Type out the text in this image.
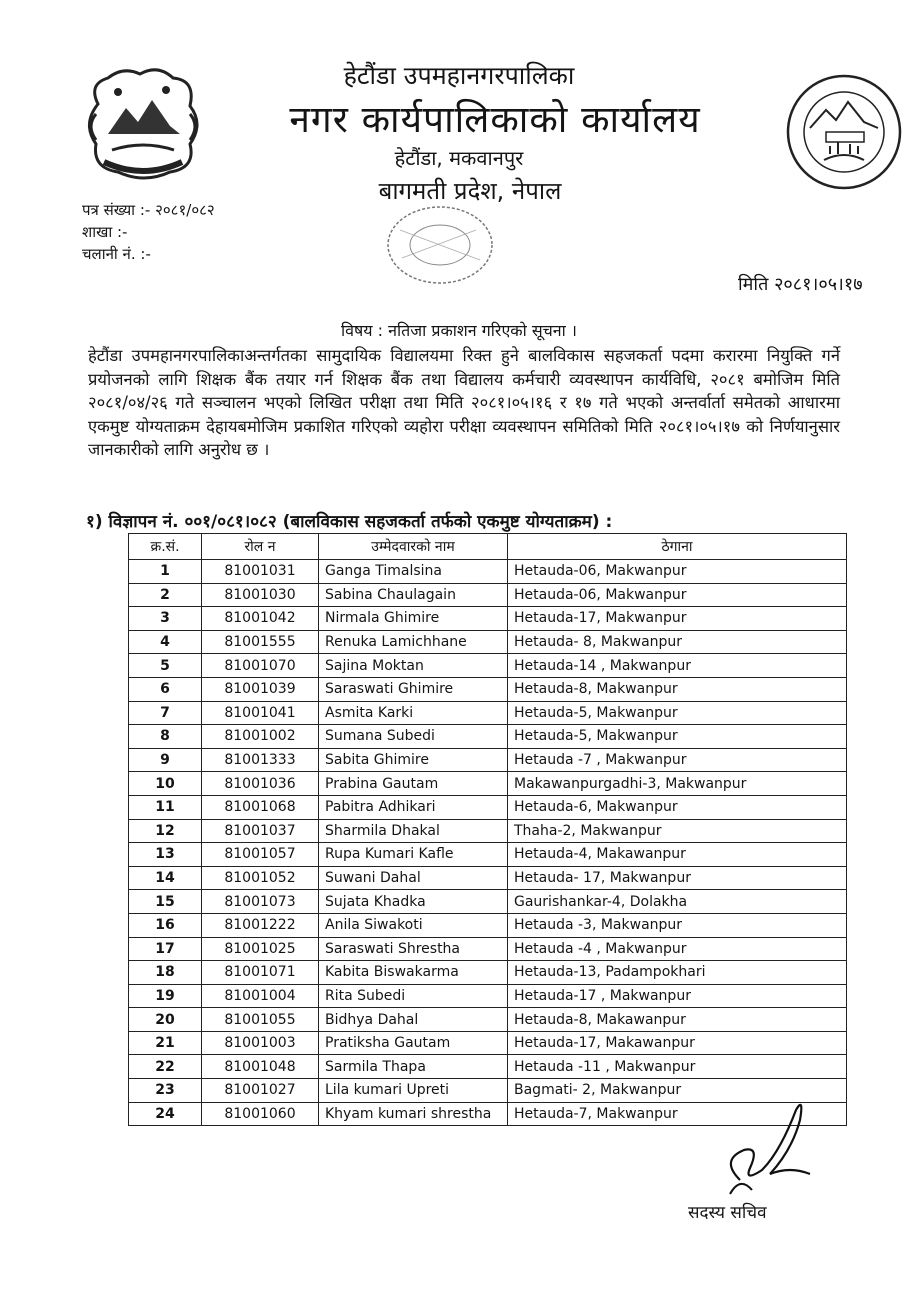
हेटौंडा उपमहानगरपालिका
नगर कार्यपालिकाको कार्यालय
हेटौंडा, मकवानपुर
बागमती प्रदेश, नेपाल
पत्र संख्या :- २०८१/०८२
शाखा :-
चलानी नं. :-
मिति २०८१।०५।१७
विषय : नतिजा प्रकाशन गरिएको सूचना ।
हेटौंडा उपमहानगरपालिकाअन्तर्गतका सामुदायिक विद्यालयमा रिक्त हुने बालविकास सहजकर्ता पदमा करारमा नियुक्ति गर्ने प्रयोजनको लागि शिक्षक बैंक तयार गर्न शिक्षक बैंक तथा विद्यालय कर्मचारी व्यवस्थापन कार्यविधि, २०८१ बमोजिम मिति २०८१/०४/२६ गते सञ्चालन भएको लिखित परीक्षा तथा मिति २०८१।०५।१६ र १७ गते भएको अन्तर्वार्ता समेतको आधारमा एकमुष्ट योग्यताक्रम देहायबमोजिम प्रकाशित गरिएको व्यहोरा परीक्षा व्यवस्थापन समितिको मिति २०८१।०५।१७ को निर्णयानुसार जानकारीको लागि अनुरोध छ ।
१) विज्ञापन नं. ००१/०८१।०८२ (बालविकास सहजकर्ता तर्फको एकमुष्ट योग्यताक्रम) :
क्र.सं.	रोल न	उम्मेदवारको नाम	ठेगाना
1	81001031	Ganga Timalsina	Hetauda-06, Makwanpur
2	81001030	Sabina Chaulagain	Hetauda-06, Makwanpur
3	81001042	Nirmala Ghimire	Hetauda-17, Makwanpur
4	81001555	Renuka Lamichhane	Hetauda- 8, Makwanpur
5	81001070	Sajina Moktan	Hetauda-14 , Makwanpur
6	81001039	Saraswati Ghimire	Hetauda-8, Makwanpur
7	81001041	Asmita Karki	Hetauda-5, Makwanpur
8	81001002	Sumana Subedi	Hetauda-5, Makwanpur
9	81001333	Sabita Ghimire	Hetauda -7 , Makwanpur
10	81001036	Prabina Gautam	Makawanpurgadhi-3, Makwanpur
11	81001068	Pabitra Adhikari	Hetauda-6, Makwanpur
12	81001037	Sharmila Dhakal	Thaha-2, Makwanpur
13	81001057	Rupa Kumari Kafle	Hetauda-4, Makawanpur
14	81001052	Suwani Dahal	Hetauda- 17, Makwanpur
15	81001073	Sujata Khadka	Gaurishankar-4, Dolakha
16	81001222	Anila Siwakoti	Hetauda -3, Makwanpur
17	81001025	Saraswati Shrestha	Hetauda -4 , Makwanpur
18	81001071	Kabita Biswakarma	Hetauda-13, Padampokhari
19	81001004	Rita Subedi	Hetauda-17 , Makwanpur
20	81001055	Bidhya Dahal	Hetauda-8, Makawanpur
21	81001003	Pratiksha Gautam	Hetauda-17, Makawanpur
22	81001048	Sarmila Thapa	Hetauda -11 , Makwanpur
23	81001027	Lila kumari Upreti	Bagmati- 2, Makwanpur
24	81001060	Khyam kumari shrestha	Hetauda-7, Makwanpur
सदस्य सचिव
